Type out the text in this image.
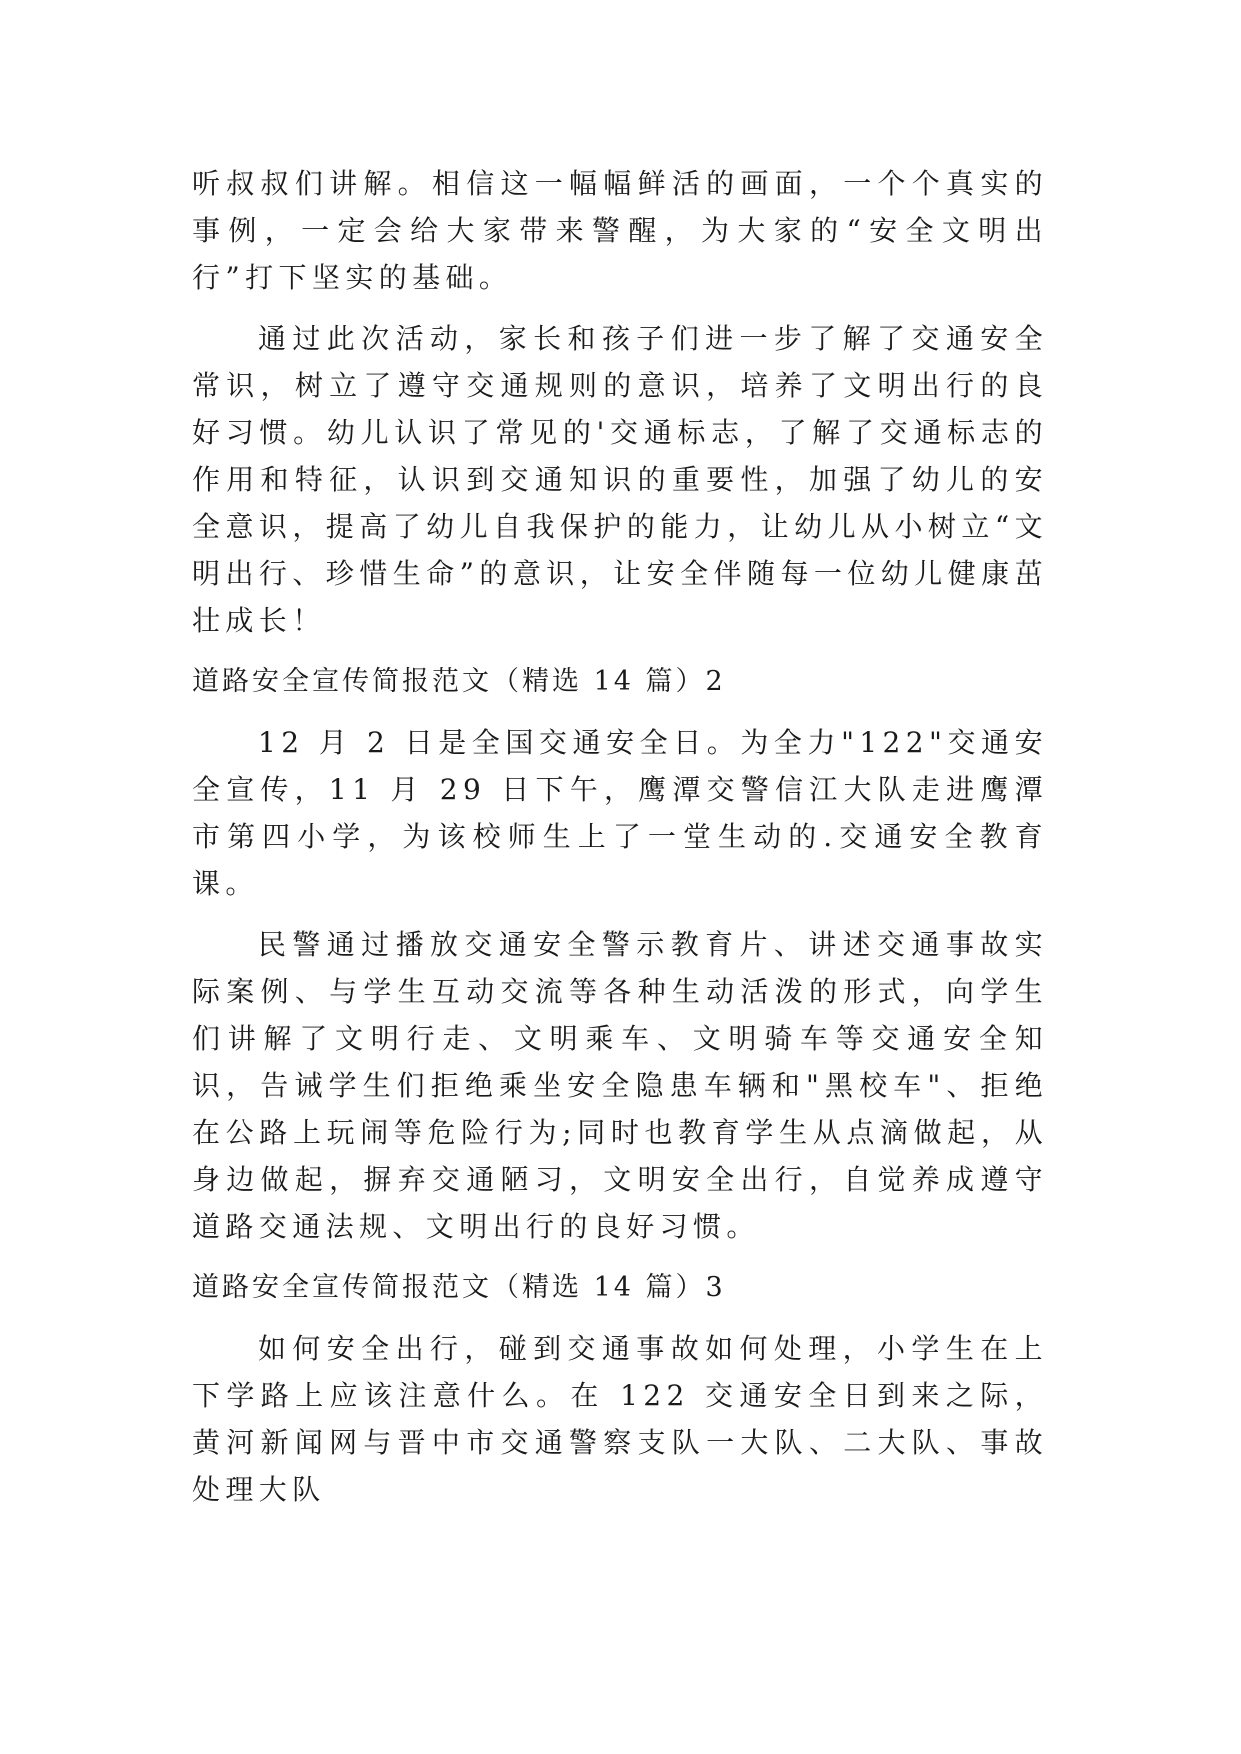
听叔叔们讲解。相信这一幅幅鲜活的画面，一个个真实的事例，一定会给大家带来警醒，为大家的“安全文明出行”打下坚实的基础。
通过此次活动，家长和孩子们进一步了解了交通安全常识，树立了遵守交通规则的意识，培养了文明出行的良好习惯。幼儿认识了常见的'交通标志，了解了交通标志的作用和特征，认识到交通知识的重要性，加强了幼儿的安全意识，提高了幼儿自我保护的能力，让幼儿从小树立“文明出行、珍惜生命”的意识，让安全伴随每一位幼儿健康茁壮成长！
道路安全宣传简报范文（精选 14 篇）2
12 月 2 日是全国交通安全日。为全力"122"交通安全宣传，11 月 29 日下午，鹰潭交警信江大队走进鹰潭市第四小学，为该校师生上了一堂生动的.交通安全教育课。
民警通过播放交通安全警示教育片、讲述交通事故实际案例、与学生互动交流等各种生动活泼的形式，向学生们讲解了文明行走、文明乘车、文明骑车等交通安全知识，告诫学生们拒绝乘坐安全隐患车辆和"黑校车"、拒绝在公路上玩闹等危险行为;同时也教育学生从点滴做起，从身边做起，摒弃交通陋习，文明安全出行，自觉养成遵守道路交通法规、文明出行的良好习惯。
道路安全宣传简报范文（精选 14 篇）3
如何安全出行，碰到交通事故如何处理，小学生在上下学路上应该注意什么。在 122 交通安全日到来之际，黄河新闻网与晋中市交通警察支队一大队、二大队、事故处理大队
